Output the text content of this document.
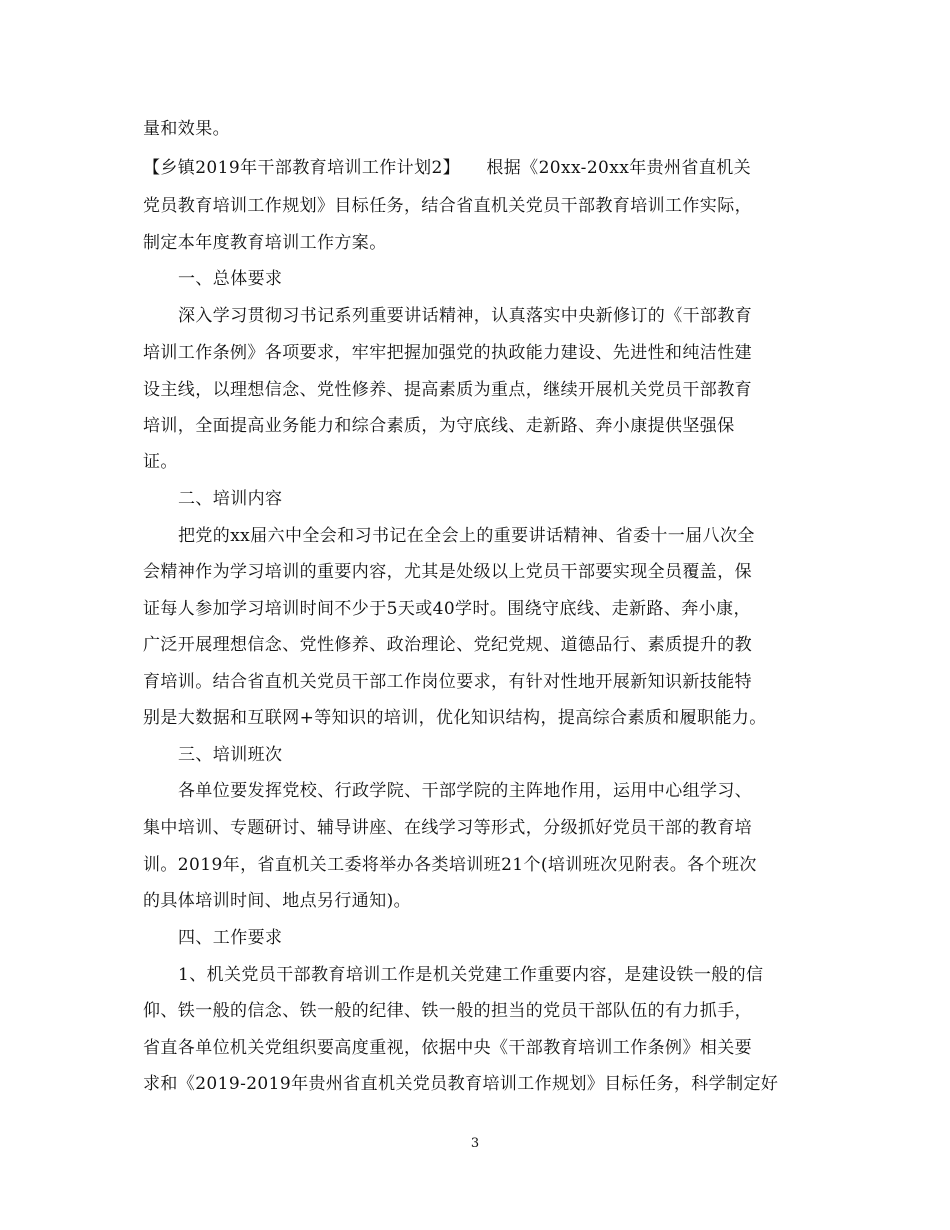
量和效果。
【乡镇2019年干部教育培训工作计划2】　　根据《20xx-20xx年贵州省直机关
党员教育培训工作规划》目标任务，结合省直机关党员干部教育培训工作实际，
制定本年度教育培训工作方案。
一、总体要求
深入学习贯彻习书记系列重要讲话精神，认真落实中央新修订的《干部教育
培训工作条例》各项要求，牢牢把握加强党的执政能力建设、先进性和纯洁性建
设主线，以理想信念、党性修养、提高素质为重点，继续开展机关党员干部教育
培训，全面提高业务能力和综合素质，为守底线、走新路、奔小康提供坚强保
证。
二、培训内容
把党的xx届六中全会和习书记在全会上的重要讲话精神、省委十一届八次全
会精神作为学习培训的重要内容，尤其是处级以上党员干部要实现全员覆盖，保
证每人参加学习培训时间不少于5天或40学时。围绕守底线、走新路、奔小康，
广泛开展理想信念、党性修养、政治理论、党纪党规、道德品行、素质提升的教
育培训。结合省直机关党员干部工作岗位要求，有针对性地开展新知识新技能特
别是大数据和互联网+等知识的培训，优化知识结构，提高综合素质和履职能力。
三、培训班次
各单位要发挥党校、行政学院、干部学院的主阵地作用，运用中心组学习、
集中培训、专题研讨、辅导讲座、在线学习等形式，分级抓好党员干部的教育培
训。2019年，省直机关工委将举办各类培训班21个(培训班次见附表。各个班次
的具体培训时间、地点另行通知)。
四、工作要求
1、机关党员干部教育培训工作是机关党建工作重要内容，是建设铁一般的信
仰、铁一般的信念、铁一般的纪律、铁一般的担当的党员干部队伍的有力抓手，
省直各单位机关党组织要高度重视，依据中央《干部教育培训工作条例》相关要
求和《2019-2019年贵州省直机关党员教育培训工作规划》目标任务，科学制定好
3
